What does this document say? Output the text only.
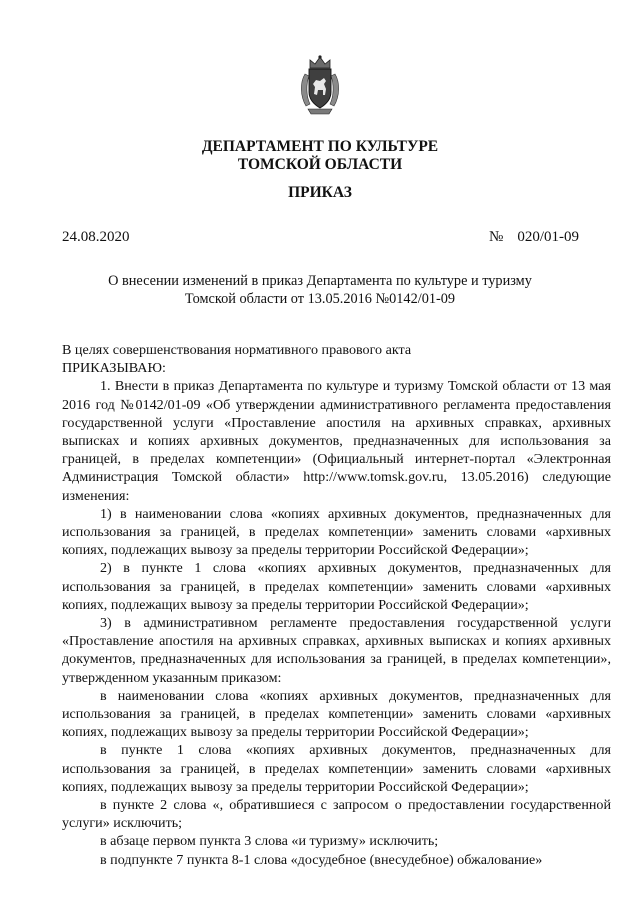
ДЕПАРТАМЕНТ ПО КУЛЬТУРЕ
ТОМСКОЙ ОБЛАСТИ
ПРИКАЗ
24.08.2020	№ 020/01-09
О внесении изменений в приказ Департамента по культуре и туризму
Томской области от 13.05.2016 №0142/01-09

В целях совершенствования нормативного правового акта

ПРИКАЗЫВАЮ:

1. Внести в приказ Департамента по культуре и туризму Томской области от 13 мая 2016 год №0142/01-09 «Об утверждении административного регламента предоставления государственной услуги «Проставление апостиля на архивных справках, архивных выписках и копиях архивных документов, предназначенных для использования за границей, в пределах компетенции» (Официальный интернет-портал «Электронная Администрация Томской области» http://www.tomsk.gov.ru, 13.05.2016) следующие изменения:

1) в наименовании слова «копиях архивных документов, предназначенных для использования за границей, в пределах компетенции» заменить словами «архивных копиях, подлежащих вывозу за пределы территории Российской Федерации»;

2) в пункте 1 слова «копиях архивных документов, предназначенных для использования за границей, в пределах компетенции» заменить словами «архивных копиях, подлежащих вывозу за пределы территории Российской Федерации»;

3) в административном регламенте предоставления государственной услуги «Проставление апостиля на архивных справках, архивных выписках и копиях архивных документов, предназначенных для использования за границей, в пределах компетенции», утвержденном указанным приказом:

в наименовании слова «копиях архивных документов, предназначенных для использования за границей, в пределах компетенции» заменить словами «архивных копиях, подлежащих вывозу за пределы территории Российской Федерации»;

в пункте 1 слова «копиях архивных документов, предназначенных для использования за границей, в пределах компетенции» заменить словами «архивных копиях, подлежащих вывозу за пределы территории Российской Федерации»;

в пункте 2 слова «, обратившиеся с запросом о предоставлении государственной услуги» исключить;

в абзаце первом пункта 3 слова «и туризму» исключить;

в подпункте 7 пункта 8-1 слова «досудебное (внесудебное) обжалование»
